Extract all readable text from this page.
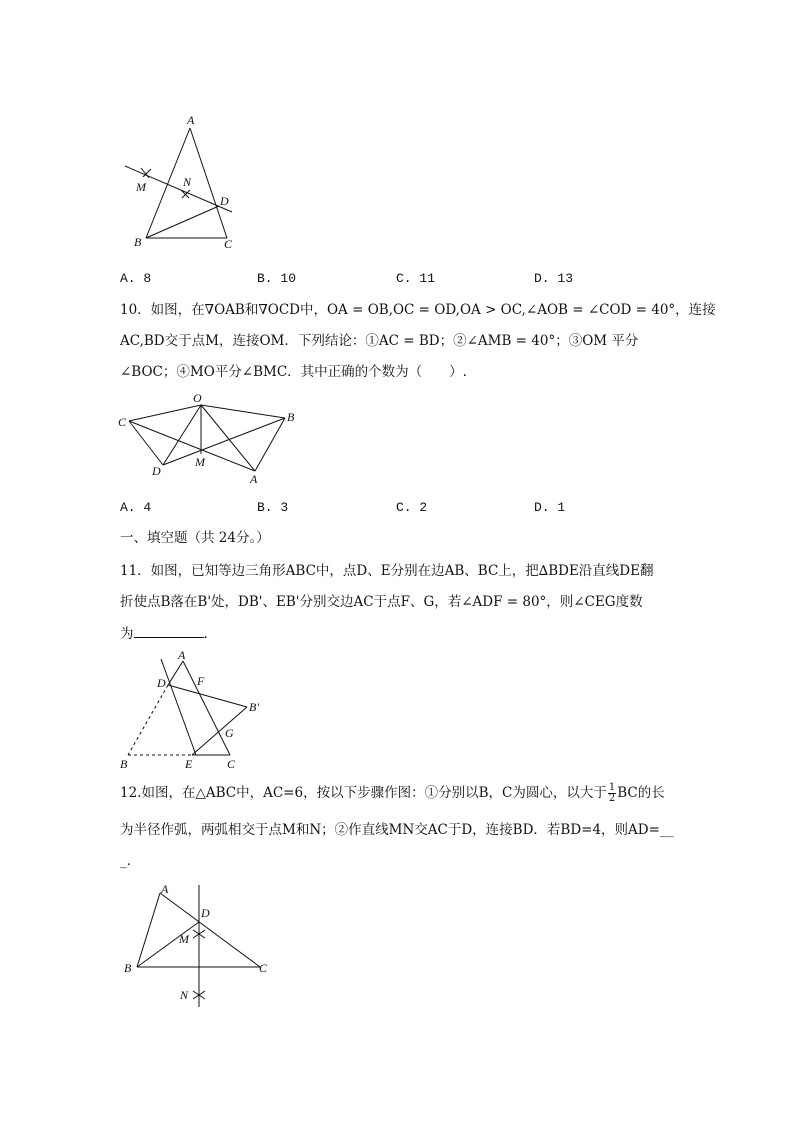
A
M	N
D
B	C
A. 8	B. 10	C. 11	D. 13
10．如图，在∇OAB和∇OCD中，OA = OB,OC = OD,OA > OC,∠AOB = ∠COD = 40°，连接
AC,BD交于点M，连接OM．下列结论：①AC = BD；②∠AMB = 40°；③OM 平分
∠BOC；④MO平分∠BMC．其中正确的个数为（　　）.
O
C	B
D
M
A
A. 4	B. 3	C. 2	D. 1
一、填空题（共 24分。）
11．如图，已知等边三角形ABC中，点D、E分别在边AB、BC上，把∆BDE沿直线DE翻
折使点B落在B'处，DB'、EB'分别交边AC于点F、G，若∠ADF = 80°，则∠CEG度数
为	.
A
D	F
B'
G
B	E	C
12.如图，在△ABC中，AC=6，按以下步骤作图：①分别以B，C为圆心，以大于 $\frac{1}{2}$ BC的长
为半径作弧，两弧相交于点M和N；②作直线MN交AC于D，连接BD．若BD=4，则AD=__
_．
A
D
M
B	C
N
